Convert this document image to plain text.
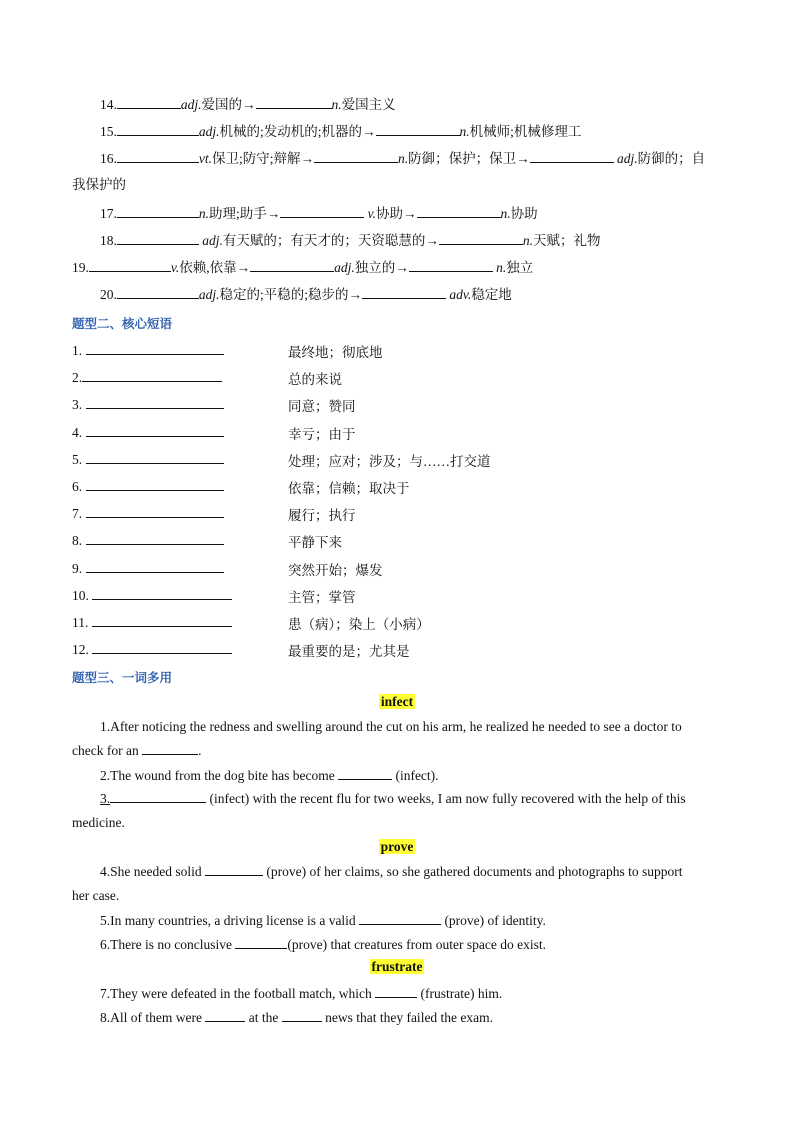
14.	adj.爱国的→	n.爱国主义
15.	adj.机械的;发动机的;机器的→	n.机械师;机械修理工
16.	vt.保卫;防守;辩解→	n.防御；保护；保卫→	adj.防御的；自
我保护的
17.	n.助理;助手→	v.协助→	n.协助
18.	adj.有天赋的；有天才的；天资聪慧的→	n.天赋；礼物
19.	v.依赖,依靠→	adj.独立的→	n.独立
20.	adj.稳定的;平稳的;稳步的→	adv.稳定地
题型二、核心短语
1.	最终地；彻底地
2.	总的来说
3.	同意；赞同
4.	幸亏；由于
5.	处理；应对；涉及；与……打交道
6.	依靠；信赖；取决于
7.	履行；执行
8.	平静下来
9.	突然开始；爆发
10.	主管；掌管
11.	患（病）；染上（小病）
12.	最重要的是；尤其是
题型三、一词多用
infect
1.After noticing the redness and swelling around the cut on his arm, he realized he needed to see a doctor to
check for an	.
2.The wound from the dog bite has become	(infect).
3.	(infect) with the recent flu for two weeks, I am now fully recovered with the help of this
medicine.
prove
4.She needed solid	(prove) of her claims, so she gathered documents and photographs to support
her case.
5.In many countries, a driving license is a valid	(prove) of identity.
6.There is no conclusive	(prove) that creatures from outer space do exist.
frustrate
7.They were defeated in the football match, which	(frustrate) him.
8.All of them were	at the	news that they failed the exam.
